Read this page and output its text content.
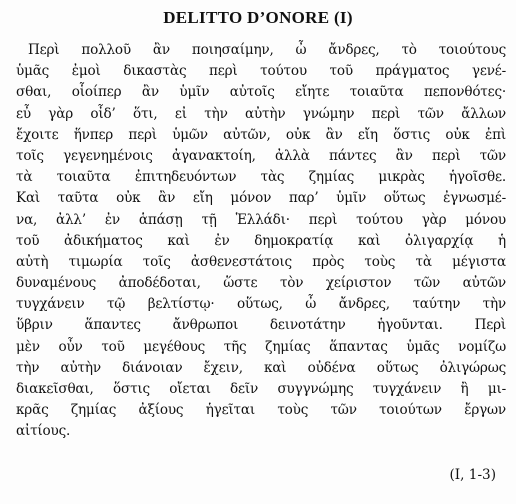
DELITTO D’ONORE (I)
Περὶ πολλοῦ ἂν ποιησαίμην, ὦ ἄνδρες, τὸ τοιούτους
ὑμᾶς ἐμοὶ δικαστὰς περὶ τούτου τοῦ πράγματος γενέ-
σθαι, οἷοίπερ ἂν ὑμῖν αὐτοῖς εἴητε τοιαῦτα πεπονθότες·
εὖ γὰρ οἶδ’ ὅτι, εἰ τὴν αὐτὴν γνώμην περὶ τῶν ἄλλων
ἔχοιτε ἥνπερ περὶ ὑμῶν αὐτῶν, οὐκ ἂν εἴη ὅστις οὐκ ἐπὶ
τοῖς γεγενημένοις ἀγανακτοίη, ἀλλὰ πάντες ἂν περὶ τῶν
τὰ τοιαῦτα ἐπιτηδευόντων τὰς ζημίας μικρὰς ἡγοῖσθε.
Καὶ ταῦτα οὐκ ἂν εἴη μόνον παρ’ ὑμῖν οὕτως ἐγνωσμέ-
να, ἀλλ’ ἐν ἁπάσῃ τῇ Ἑλλάδι· περὶ τούτου γὰρ μόνου
τοῦ ἀδικήματος καὶ ἐν δημοκρατίᾳ καὶ ὀλιγαρχίᾳ ἡ
αὐτὴ τιμωρία τοῖς ἀσθενεστάτοις πρὸς τοὺς τὰ μέγιστα
δυναμένους ἀποδέδοται, ὥστε τὸν χείριστον τῶν αὐτῶν
τυγχάνειν τῷ βελτίστῳ· οὕτως, ὦ ἄνδρες, ταύτην τὴν
ὕβριν ἅπαντες ἄνθρωποι δεινοτάτην ἡγοῦνται. Περὶ
μὲν οὖν τοῦ μεγέθους τῆς ζημίας ἅπαντας ὑμᾶς νομίζω
τὴν αὐτὴν διάνοιαν ἔχειν, καὶ οὐδένα οὕτως ὀλιγώρως
διακεῖσθαι, ὅστις οἴεται δεῖν συγγνώμης τυγχάνειν ἢ μι-
κρᾶς ζημίας ἀξίους ἡγεῖται τοὺς τῶν τοιούτων ἔργων
αἰτίους.

(I, 1-3)
